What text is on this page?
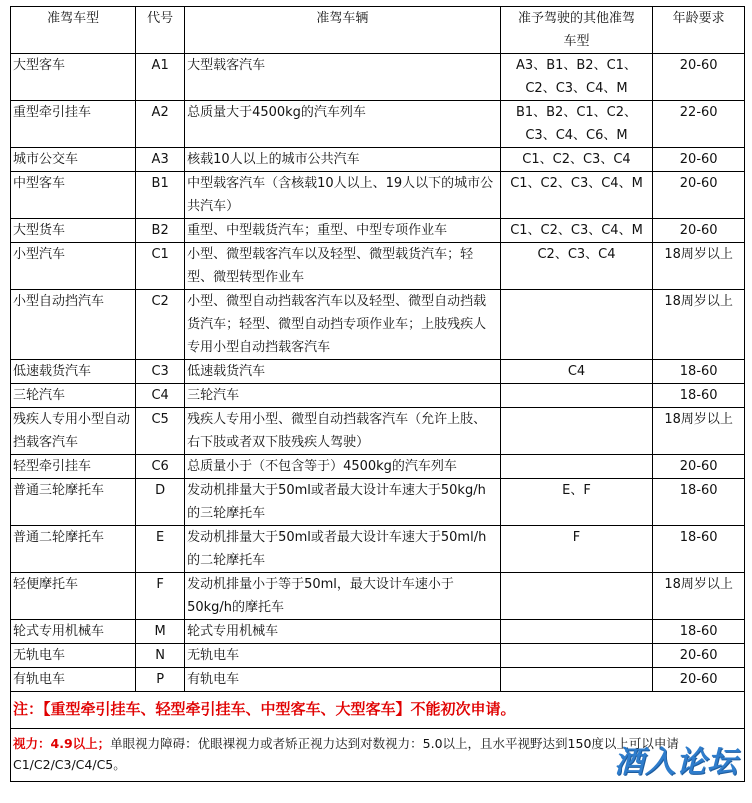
准驾车型	代号	准驾车辆	准予驾驶的其他准驾车型	年龄要求
大型客车	A1	大型载客汽车	A3、B1、B2、C1、C2、C3、C4、M	20-60
重型牵引挂车	A2	总质量大于4500kg的汽车列车	B1、B2、C1、C2、C3、C4、C6、M	22-60
城市公交车	A3	核载10人以上的城市公共汽车	C1、C2、C3、C4	20-60
中型客车	B1	中型载客汽车（含核载10人以上、19人以下的城市公共汽车）	C1、C2、C3、C4、M	20-60
大型货车	B2	重型、中型载货汽车；重型、中型专项作业车	C1、C2、C3、C4、M	20-60
小型汽车	C1	小型、微型载客汽车以及轻型、微型载货汽车；轻型、微型转型作业车	C2、C3、C4	18周岁以上
小型自动挡汽车	C2	小型、微型自动挡载客汽车以及轻型、微型自动挡载货汽车；轻型、微型自动挡专项作业车；上肢残疾人专用小型自动挡载客汽车		18周岁以上
低速载货汽车	C3	低速载货汽车	C4	18-60
三轮汽车	C4	三轮汽车		18-60
残疾人专用小型自动挡载客汽车	C5	残疾人专用小型、微型自动挡载客汽车（允许上肢、右下肢或者双下肢残疾人驾驶）		18周岁以上
轻型牵引挂车	C6	总质量小于（不包含等于）4500kg的汽车列车		20-60
普通三轮摩托车	D	发动机排量大于50ml或者最大设计车速大于50kg/h的三轮摩托车	E、F	18-60
普通二轮摩托车	E	发动机排量大于50ml或者最大设计车速大于50ml/h的二轮摩托车	F	18-60
轻便摩托车	F	发动机排量小于等于50ml，最大设计车速小于50kg/h的摩托车		18周岁以上
轮式专用机械车	M	轮式专用机械车		18-60
无轨电车	N	无轨电车		20-60
有轨电车	P	有轨电车		20-60
注：【重型牵引挂车、轻型牵引挂车、中型客车、大型客车】不能初次申请。				
视力：4.9以上；单眼视力障碍：优眼裸视力或者矫正视力达到对数视力：5.0以上，且水平视野达到150度以上可以申请C1/C2/C3/C4/C5。					酒入论坛
